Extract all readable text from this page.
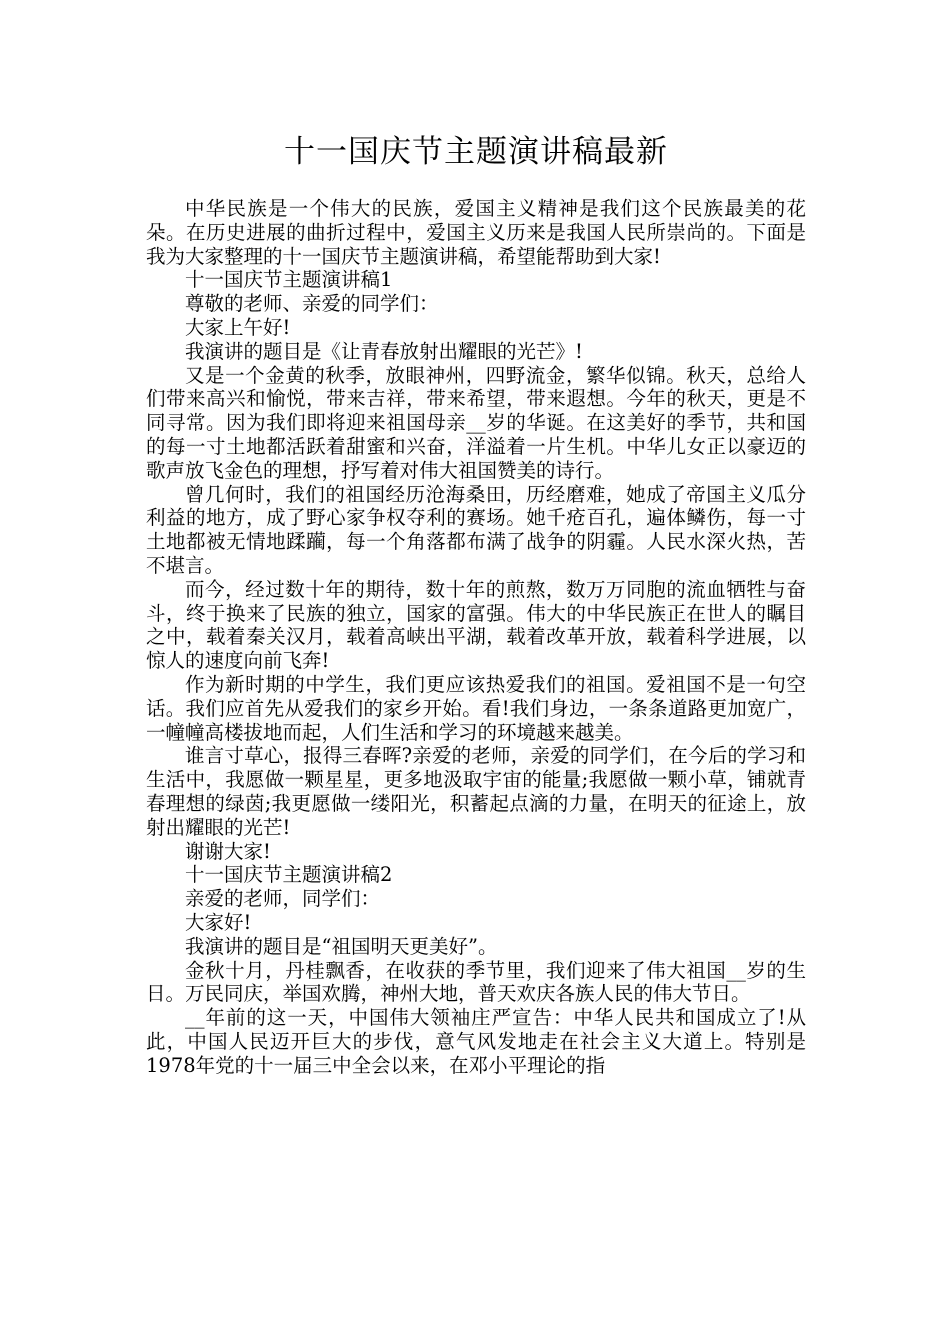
十一国庆节主题演讲稿最新

中华民族是一个伟大的民族，爱国主义精神是我们这个民族最美的花朵。在历史进展的曲折过程中，爱国主义历来是我国人民所崇尚的。下面是我为大家整理的十一国庆节主题演讲稿，希望能帮助到大家!

十一国庆节主题演讲稿1

尊敬的老师、亲爱的同学们：

大家上午好!

我演讲的题目是《让青春放射出耀眼的光芒》!

又是一个金黄的秋季，放眼神州，四野流金，繁华似锦。秋天，总给人们带来高兴和愉悦，带来吉祥，带来希望，带来遐想。今年的秋天，更是不同寻常。因为我们即将迎来祖国母亲__岁的华诞。在这美好的季节，共和国的每一寸土地都活跃着甜蜜和兴奋，洋溢着一片生机。中华儿女正以豪迈的歌声放飞金色的理想，抒写着对伟大祖国赞美的诗行。

曾几何时，我们的祖国经历沧海桑田，历经磨难，她成了帝国主义瓜分利益的地方，成了野心家争权夺利的赛场。她千疮百孔，遍体鳞伤，每一寸土地都被无情地蹂躏，每一个角落都布满了战争的阴霾。人民水深火热，苦不堪言。

而今，经过数十年的期待，数十年的煎熬，数万万同胞的流血牺牲与奋斗，终于换来了民族的独立，国家的富强。伟大的中华民族正在世人的瞩目之中，载着秦关汉月，载着高峡出平湖，载着改革开放，载着科学进展，以惊人的速度向前飞奔!

作为新时期的中学生，我们更应该热爱我们的祖国。爱祖国不是一句空话。我们应首先从爱我们的家乡开始。看!我们身边，一条条道路更加宽广，一幢幢高楼拔地而起，人们生活和学习的环境越来越美。

谁言寸草心，报得三春晖?亲爱的老师，亲爱的同学们，在今后的学习和生活中，我愿做一颗星星，更多地汲取宇宙的能量;我愿做一颗小草，铺就青春理想的绿茵;我更愿做一缕阳光，积蓄起点滴的力量，在明天的征途上，放射出耀眼的光芒!

谢谢大家!

十一国庆节主题演讲稿2

亲爱的老师，同学们：

大家好!

我演讲的题目是“祖国明天更美好”。

金秋十月，丹桂飘香，在收获的季节里，我们迎来了伟大祖国__岁的生日。万民同庆，举国欢腾，神州大地，普天欢庆各族人民的伟大节日。

__年前的这一天，中国伟大领袖庄严宣告：中华人民共和国成立了!从此，中国人民迈开巨大的步伐，意气风发地走在社会主义大道上。特别是1978年党的十一届三中全会以来，在邓小平理论的指
